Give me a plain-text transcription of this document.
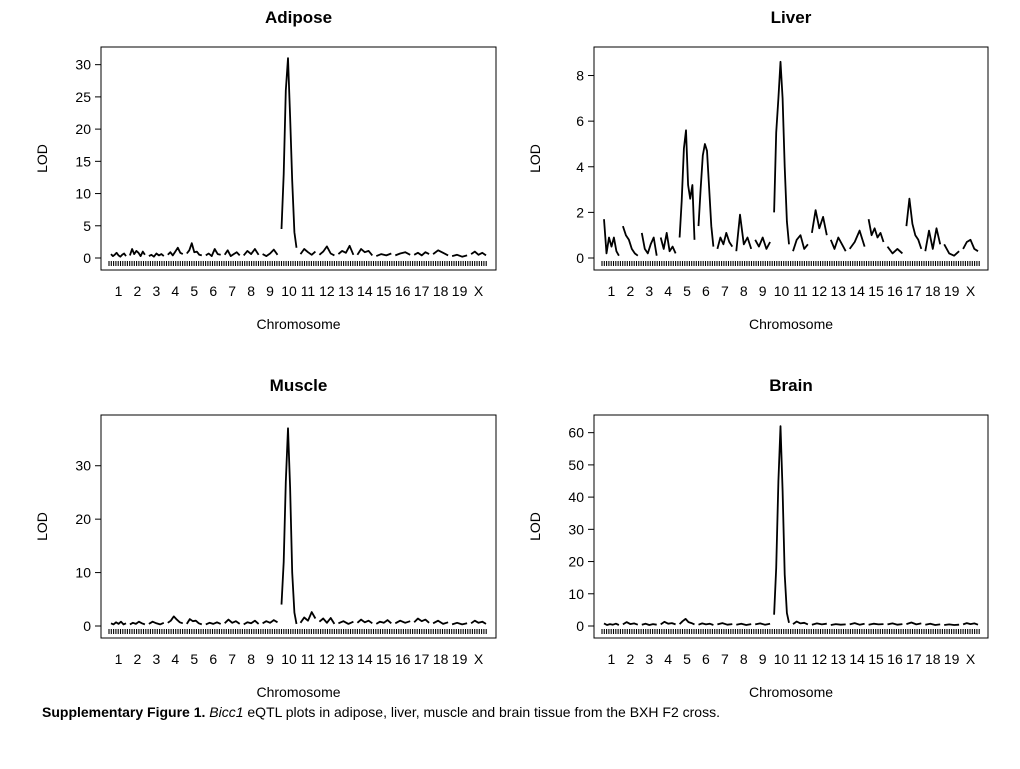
Adipose
0
5
10
15
20
25
30
LOD
Chromosome
1 2 3 4 5 6 7 8 9 10 11 12 13 14 15 16 17 18 19 X
Liver
0
2
4
6
8
LOD
Chromosome
1 2 3 4 5 6 7 8 9 10 11 12 13 14 15 16 17 18 19 X
Muscle
0
10
20
30
LOD
Chromosome
1 2 3 4 5 6 7 8 9 10 11 12 13 14 15 16 17 18 19 X
Brain
0
10
20
30
40
50
60
LOD
Chromosome
1 2 3 4 5 6 7 8 9 10 11 12 13 14 15 16 17 18 19 X
Supplementary Figure 1. Bicc1 eQTL plots in adipose, liver, muscle and brain tissue from the BXH F2 cross.
